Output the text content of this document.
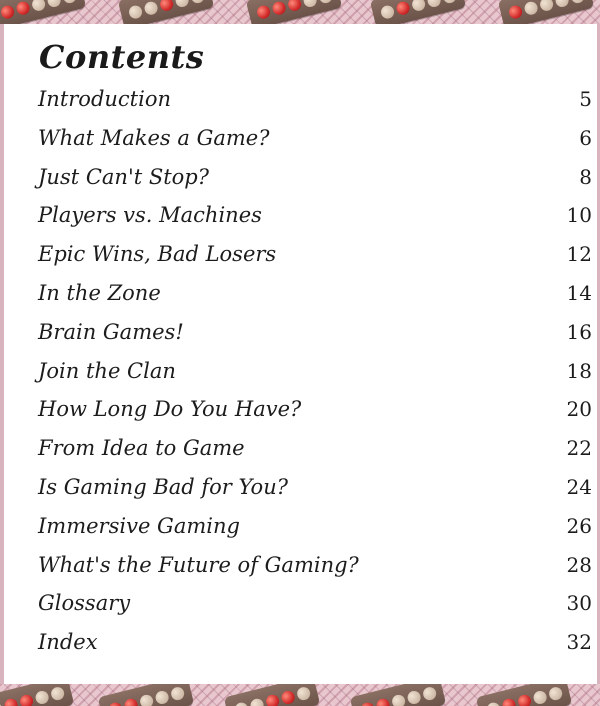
Contents
Introduction	5
What Makes a Game?	6
Just Can't Stop?	8
Players vs. Machines	10
Epic Wins, Bad Losers	12
In the Zone	14
Brain Games!	16
Join the Clan	18
How Long Do You Have?	20
From Idea to Game	22
Is Gaming Bad for You?	24
Immersive Gaming	26
What's the Future of Gaming?	28
Glossary	30
Index	32
